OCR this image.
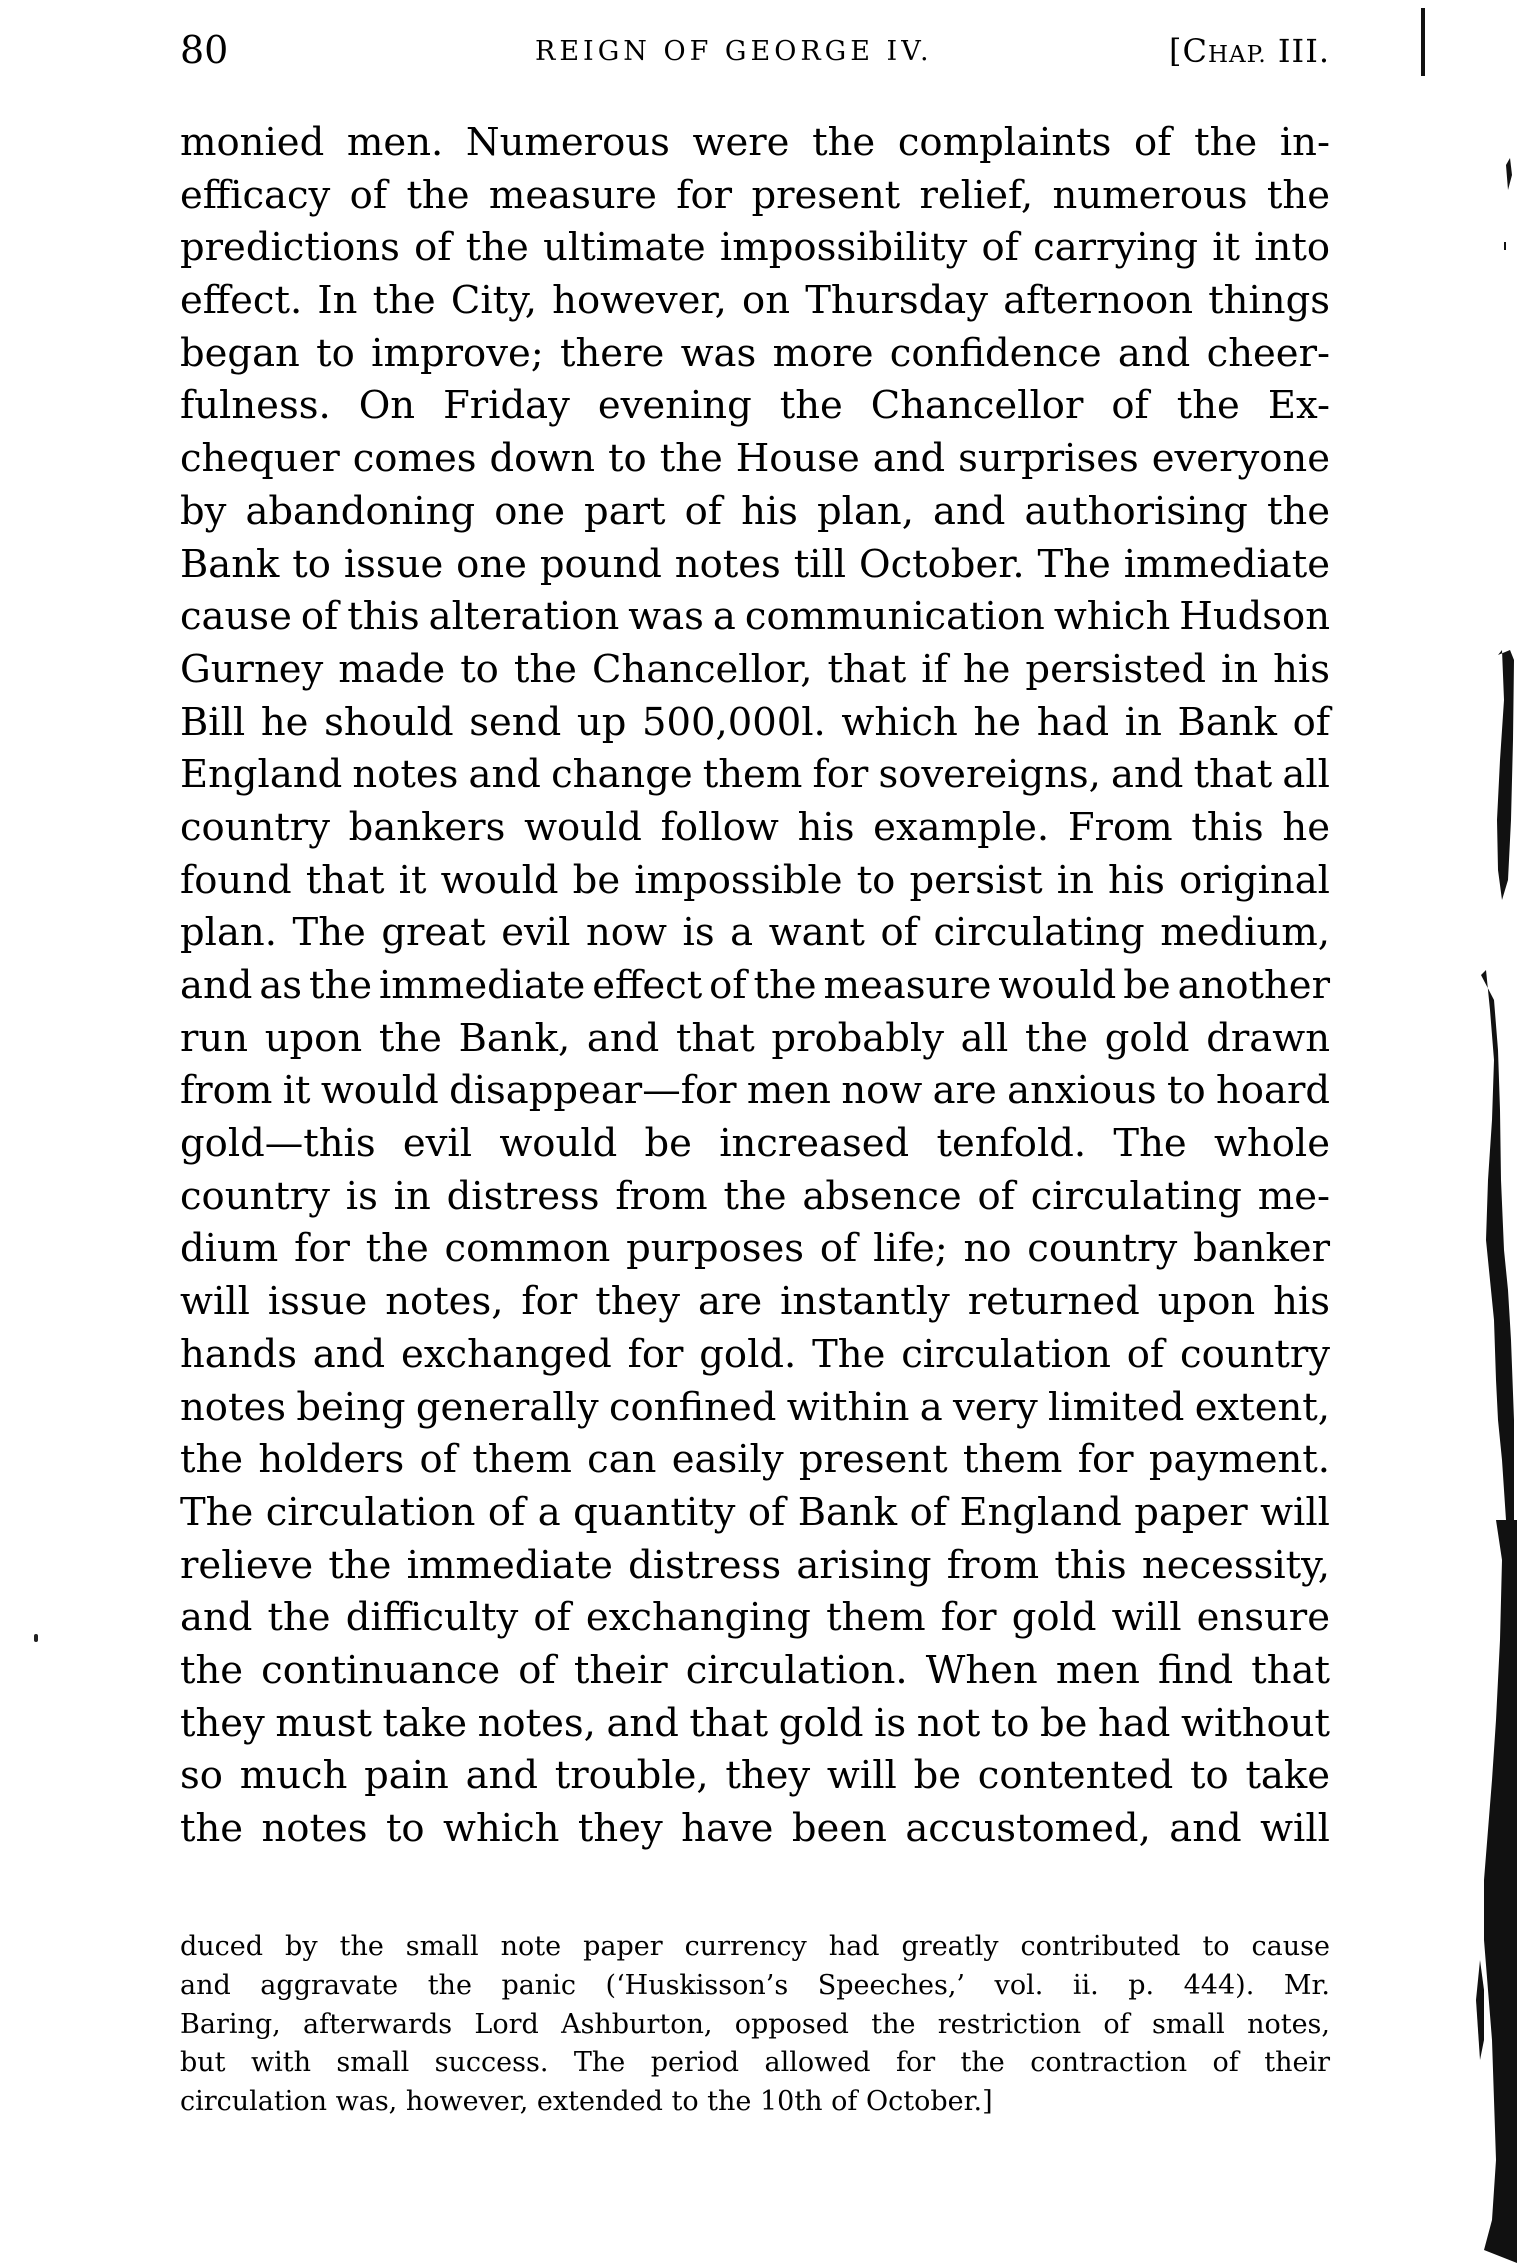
80	REIGN OF GEORGE IV.	[CHAP. III.
monied men. Numerous were the complaints of the in-
efficacy of the measure for present relief, numerous the
predictions of the ultimate impossibility of carrying it into
effect. In the City, however, on Thursday afternoon things
began to improve; there was more confidence and cheer-
fulness. On Friday evening the Chancellor of the Ex-
chequer comes down to the House and surprises everyone
by abandoning one part of his plan, and authorising the
Bank to issue one pound notes till October. The immediate
cause of this alteration was a communication which Hudson
Gurney made to the Chancellor, that if he persisted in his
Bill he should send up 500,000l. which he had in Bank of
England notes and change them for sovereigns, and that all
country bankers would follow his example. From this he
found that it would be impossible to persist in his original
plan. The great evil now is a want of circulating medium,
and as the immediate effect of the measure would be another
run upon the Bank, and that probably all the gold drawn
from it would disappear—for men now are anxious to hoard
gold—this evil would be increased tenfold. The whole
country is in distress from the absence of circulating me-
dium for the common purposes of life; no country banker
will issue notes, for they are instantly returned upon his
hands and exchanged for gold. The circulation of country
notes being generally confined within a very limited extent,
the holders of them can easily present them for payment.
The circulation of a quantity of Bank of England paper will
relieve the immediate distress arising from this necessity,
and the difficulty of exchanging them for gold will ensure
the continuance of their circulation. When men find that
they must take notes, and that gold is not to be had without
so much pain and trouble, they will be contented to take
the notes to which they have been accustomed, and will
duced by the small note paper currency had greatly contributed to cause
and aggravate the panic (‘Huskisson’s Speeches,’ vol. ii. p. 444). Mr.
Baring, afterwards Lord Ashburton, opposed the restriction of small notes,
but with small success. The period allowed for the contraction of their
circulation was, however, extended to the 10th of October.]
